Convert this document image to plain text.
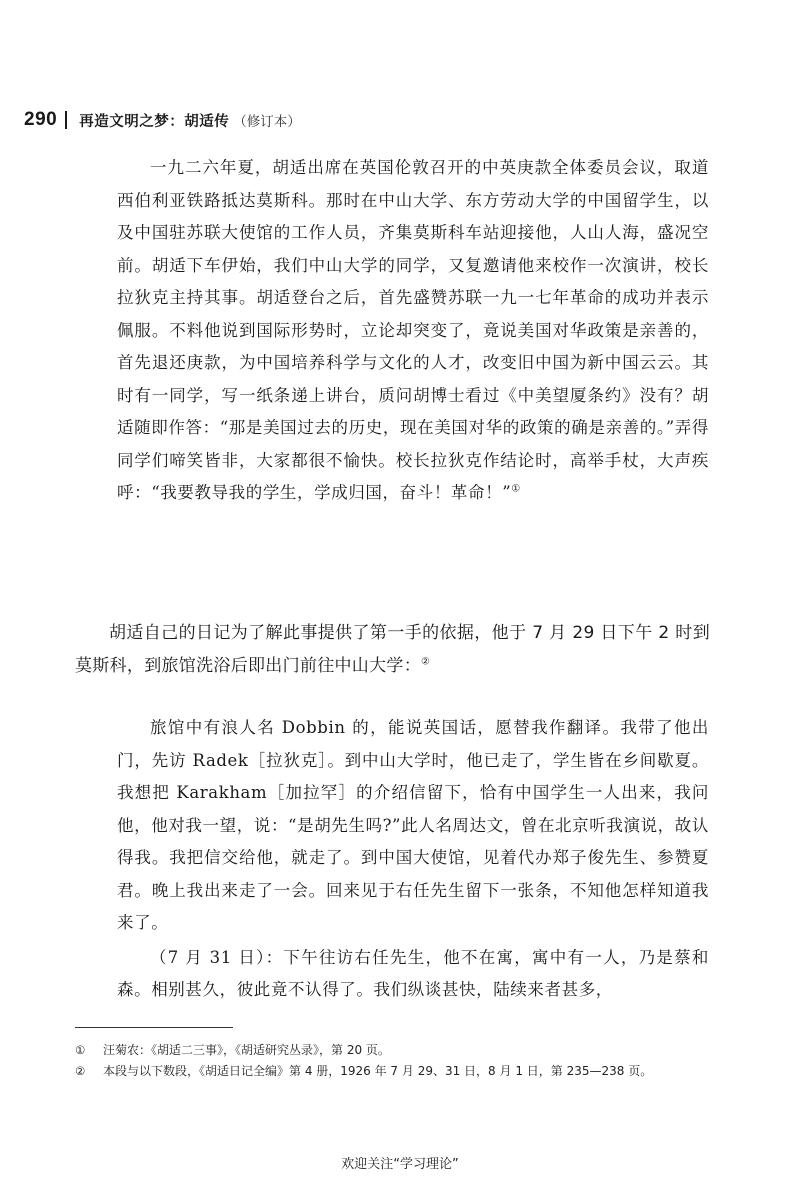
290 再造文明之梦：胡适传 （修订本）

一九二六年夏，胡适出席在英国伦敦召开的中英庚款全体委员会议，取道西伯利亚铁路抵达莫斯科。那时在中山大学、东方劳动大学的中国留学生，以及中国驻苏联大使馆的工作人员，齐集莫斯科车站迎接他，人山人海，盛况空前。胡适下车伊始，我们中山大学的同学，又复邀请他来校作一次演讲，校长拉狄克主持其事。胡适登台之后，首先盛赞苏联一九一七年革命的成功并表示佩服。不料他说到国际形势时，立论却突变了，竟说美国对华政策是亲善的，首先退还庚款，为中国培养科学与文化的人才，改变旧中国为新中国云云。其时有一同学，写一纸条递上讲台，质问胡博士看过《中美望厦条约》没有？胡适随即作答：“那是美国过去的历史，现在美国对华的政策的确是亲善的。”弄得同学们啼笑皆非，大家都很不愉快。校长拉狄克作结论时，高举手杖，大声疾呼：“我要教导我的学生，学成归国，奋斗！革命！”①

胡适自己的日记为了解此事提供了第一手的依据，他于 7 月 29 日下午 2 时到莫斯科，到旅馆洗浴后即出门前往中山大学：②

旅馆中有浪人名 Dobbin 的，能说英国话，愿替我作翻译。我带了他出门，先访 Radek［拉狄克］。到中山大学时，他已走了，学生皆在乡间歇夏。我想把 Karakham［加拉罕］的介绍信留下，恰有中国学生一人出来，我问他，他对我一望，说：“是胡先生吗?”此人名周达文，曾在北京听我演说，故认得我。我把信交给他，就走了。到中国大使馆，见着代办郑子俊先生、参赞夏君。晚上我出来走了一会。回来见于右任先生留下一张条，不知他怎样知道我来了。

（7 月 31 日）：下午往访右任先生，他不在寓，寓中有一人，乃是蔡和森。相别甚久，彼此竟不认得了。我们纵谈甚快，陆续来者甚多，

①	汪菊农：《胡适二三事》，《胡适研究丛录》，第 20 页。
②	本段与以下数段，《胡适日记全编》第 4 册，1926 年 7 月 29、31 日，8 月 1 日，第 235—238 页。
欢迎关注“学习理论”
